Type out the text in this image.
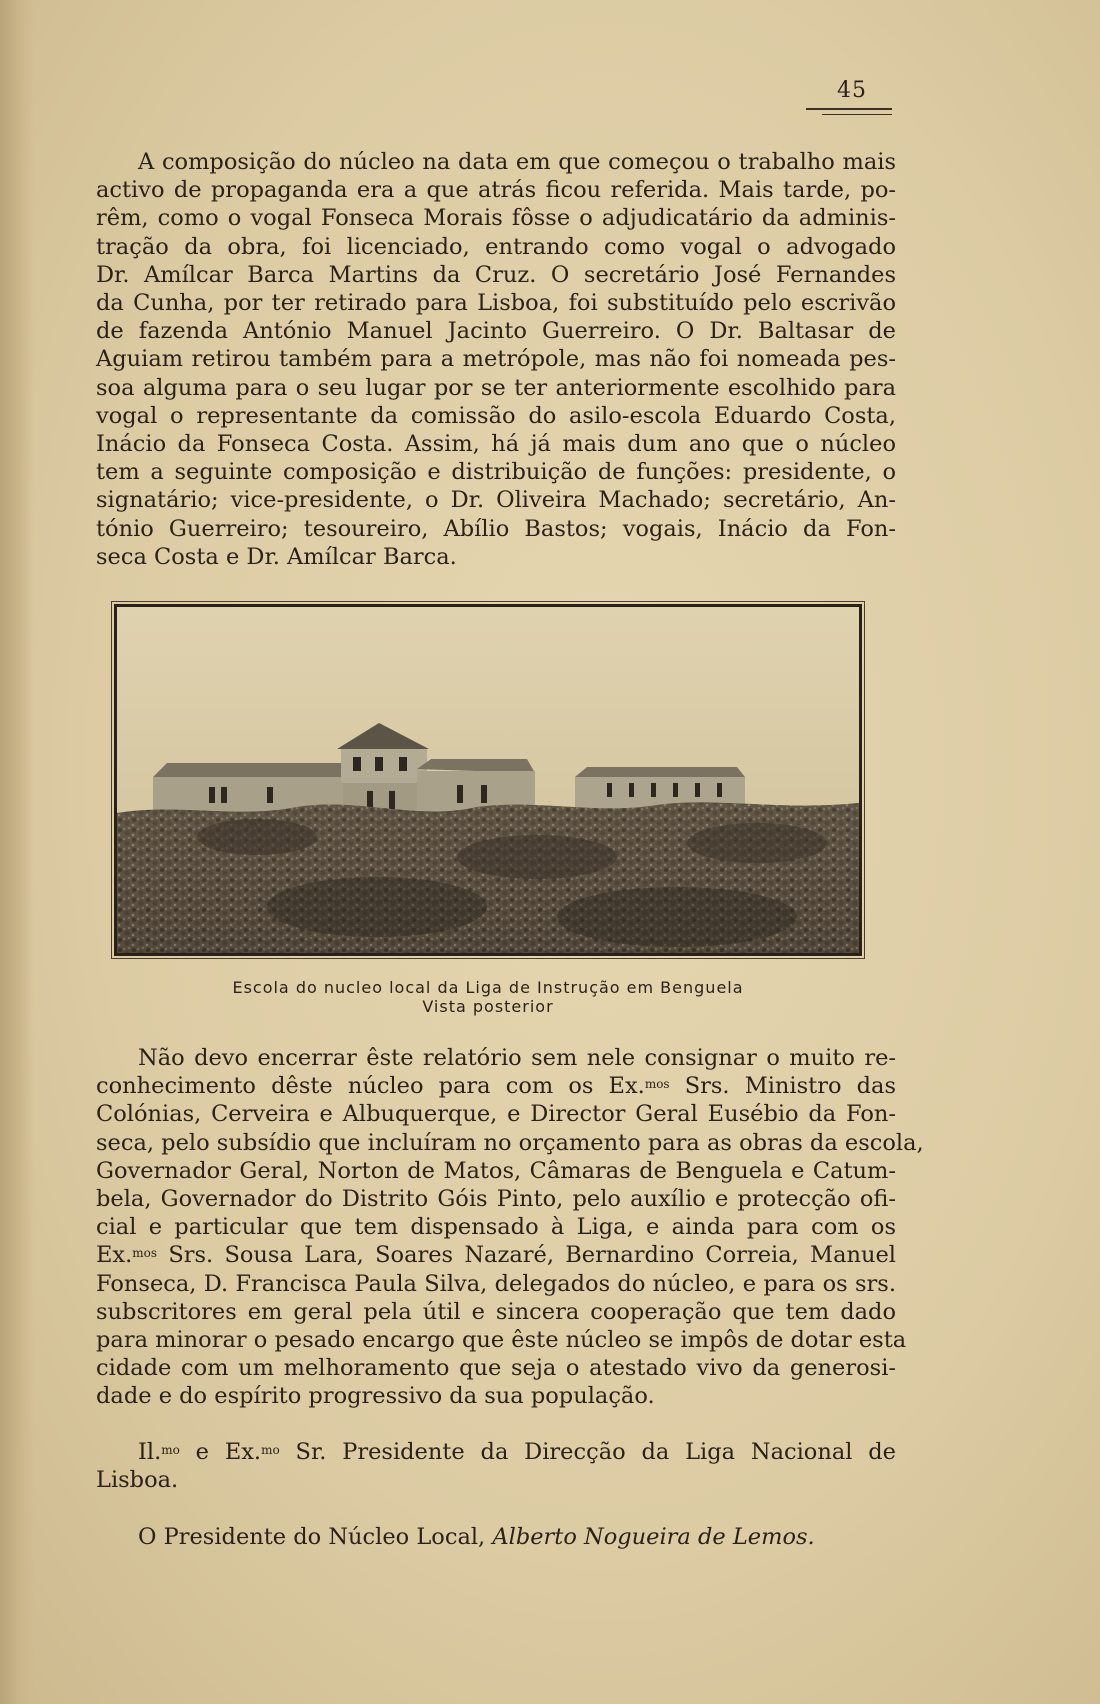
45
A composição do núcleo na data em que começou o trabalho mais
activo de propaganda era a que atrás ficou referida. Mais tarde, po-
rêm, como o vogal Fonseca Morais fôsse o adjudicatário da adminis-
tração da obra, foi licenciado, entrando como vogal o advogado
Dr. Amílcar Barca Martins da Cruz. O secretário José Fernandes
da Cunha, por ter retirado para Lisboa, foi substituído pelo escrivão
de fazenda António Manuel Jacinto Guerreiro. O Dr. Baltasar de
Aguiam retirou também para a metrópole, mas não foi nomeada pes-
soa alguma para o seu lugar por se ter anteriormente escolhido para
vogal o representante da comissão do asilo-escola Eduardo Costa,
Inácio da Fonseca Costa. Assim, há já mais dum ano que o núcleo
tem a seguinte composição e distribuição de funções: presidente, o
signatário; vice-presidente, o Dr. Oliveira Machado; secretário, An-
tónio Guerreiro; tesoureiro, Abílio Bastos; vogais, Inácio da Fon-
seca Costa e Dr. Amílcar Barca.
Escola do nucleo local da Liga de Instrução em Benguela
Vista posterior
Não devo encerrar êste relatório sem nele consignar o muito re-
conhecimento dêste núcleo para com os Ex.$^{mos}$ Srs. Ministro das
Colónias, Cerveira e Albuquerque, e Director Geral Eusébio da Fon-
seca, pelo subsídio que incluíram no orçamento para as obras da escola,
Governador Geral, Norton de Matos, Câmaras de Benguela e Catum-
bela, Governador do Distrito Góis Pinto, pelo auxílio e protecção ofi-
cial e particular que tem dispensado à Liga, e ainda para com os
Ex.$^{mos}$ Srs. Sousa Lara, Soares Nazaré, Bernardino Correia, Manuel
Fonseca, D. Francisca Paula Silva, delegados do núcleo, e para os srs.
subscritores em geral pela útil e sincera cooperação que tem dado
para minorar o pesado encargo que êste núcleo se impôs de dotar esta
cidade com um melhoramento que seja o atestado vivo da generosi-
dade e do espírito progressivo da sua população.
Il.$^{mo}$ e Ex.$^{mo}$ Sr. Presidente da Direcção da Liga Nacional de
Lisboa.
O Presidente do Núcleo Local, Alberto Nogueira de Lemos.
